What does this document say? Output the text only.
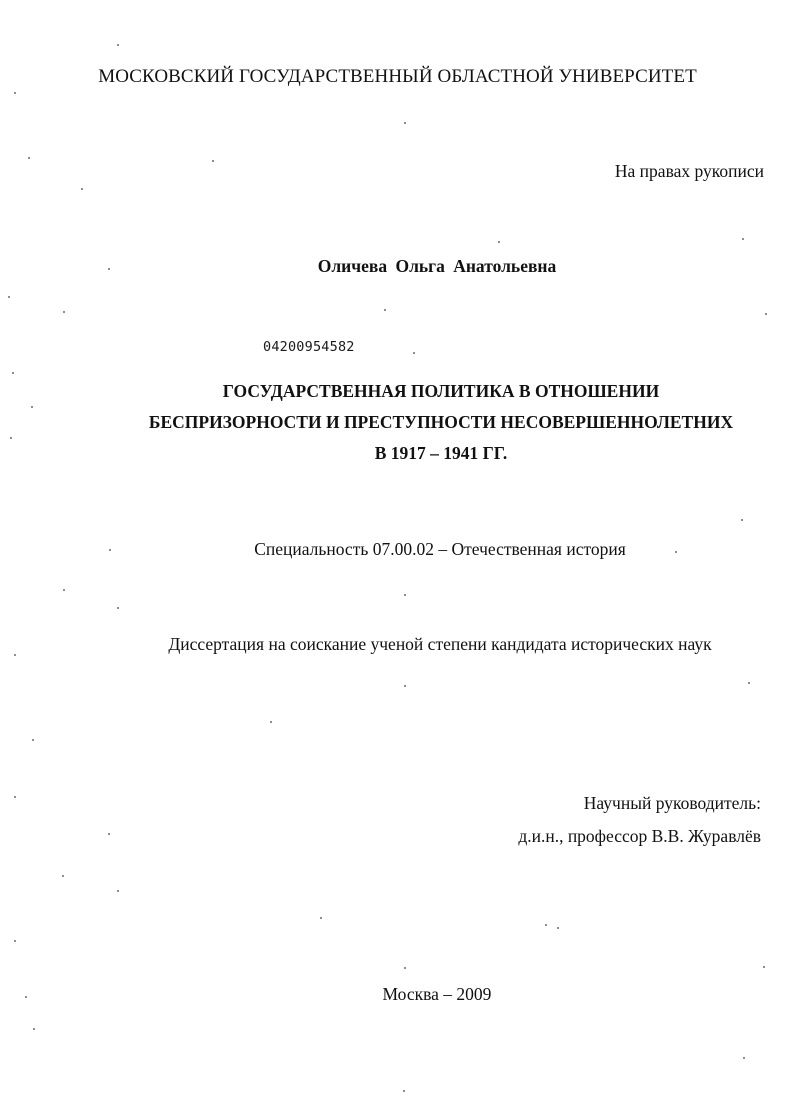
МОСКОВСКИЙ ГОСУДАРСТВЕННЫЙ ОБЛАСТНОЙ УНИВЕРСИТЕТ
На правах рукописи
Оличева Ольга Анатольевна
04200954582
ГОСУДАРСТВЕННАЯ ПОЛИТИКА В ОТНОШЕНИИ
БЕСПРИЗОРНОСТИ И ПРЕСТУПНОСТИ НЕСОВЕРШЕННОЛЕТНИХ
В 1917 – 1941 ГГ.
Специальность 07.00.02 – Отечественная история
Диссертация на соискание ученой степени кандидата исторических наук
Научный руководитель:
д.и.н., профессор В.В. Журавлёв
Москва – 2009
